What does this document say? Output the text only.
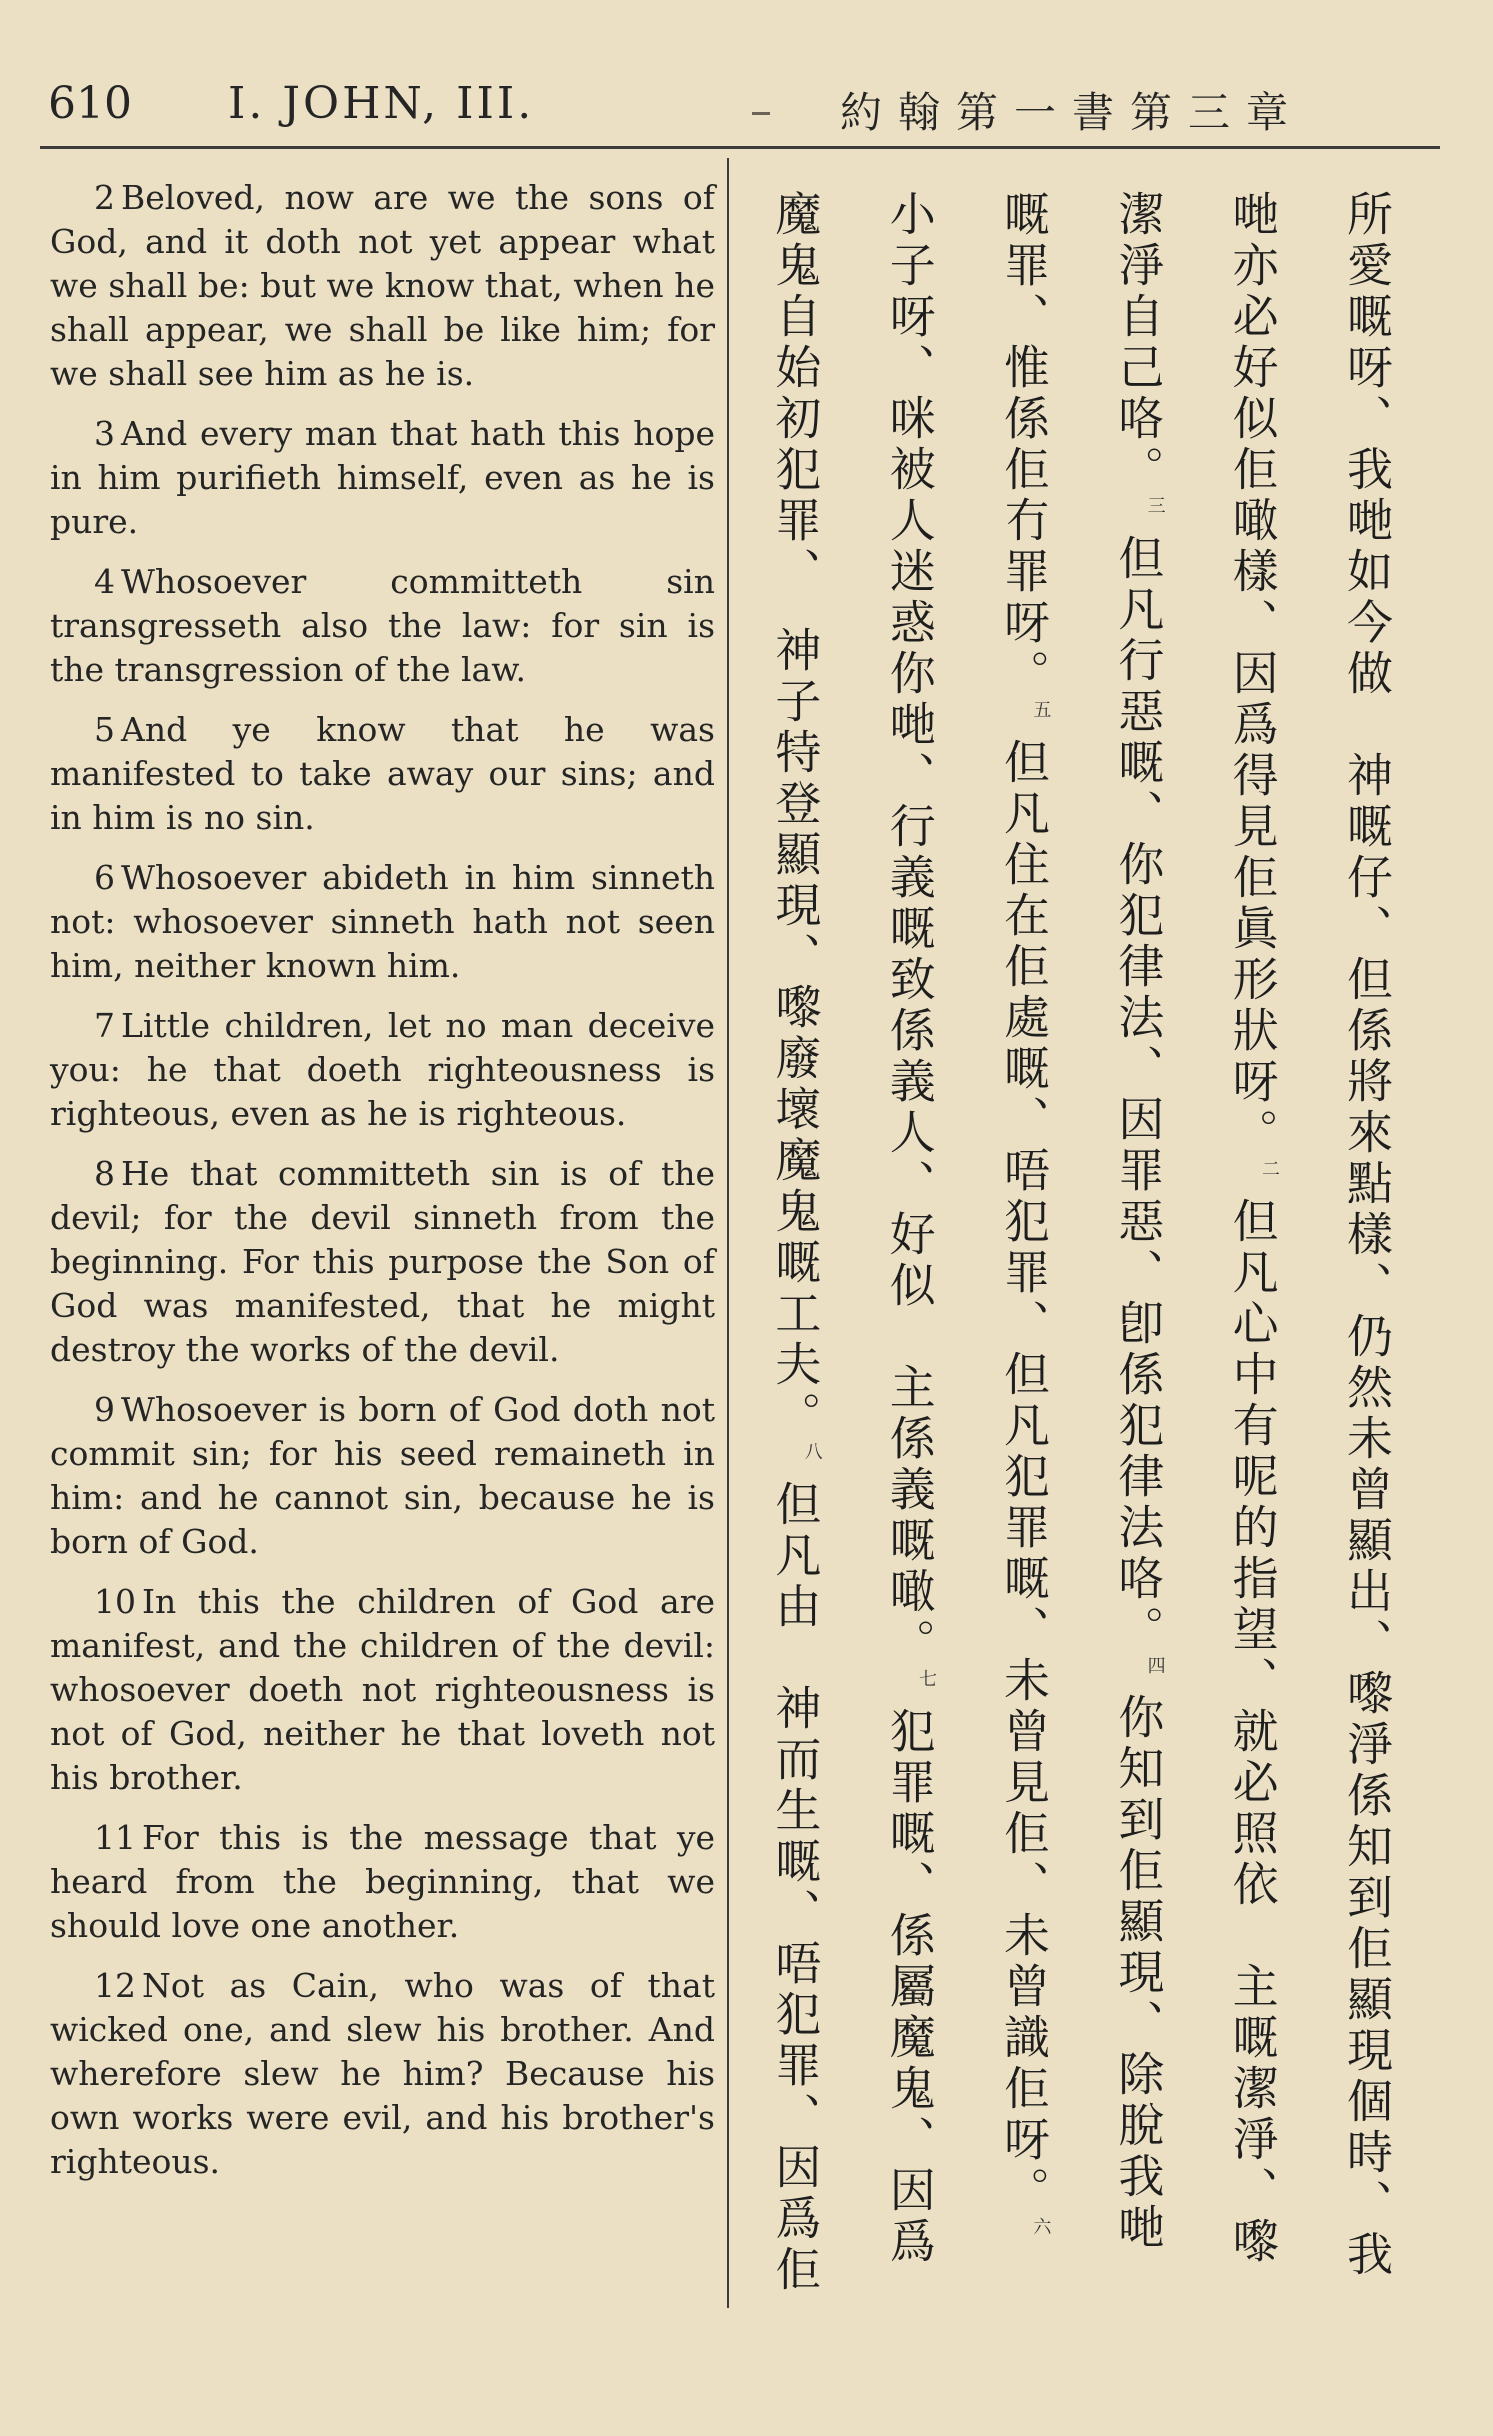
610 I. JOHN, III.	約翰第一書第三章

2 Beloved, now are we the sons of God, and it doth not yet appear what we shall be: but we know that, when he shall appear, we shall be like him; for we shall see him as he is.

3 And every man that hath this hope in him purifieth himself, even as he is pure.

4 Whosoever committeth sin transgresseth also the law: for sin is the transgression of the law.

5 And ye know that he was manifested to take away our sins; and in him is no sin.

6 Whosoever abideth in him sinneth not: whosoever sinneth hath not seen him, neither known him.

7 Little children, let no man deceive you: he that doeth righteousness is righteous, even as he is righteous.

8 He that committeth sin is of the devil; for the devil sinneth from the beginning. For this purpose the Son of God was manifested, that he might destroy the works of the devil.

9 Whosoever is born of God doth not commit sin; for his seed remaineth in him: and he cannot sin, because he is born of God.

10 In this the children of God are manifest, and the children of the devil: whosoever doeth not righteousness is not of God, neither he that loveth not his brother.

11 For this is the message that ye heard from the beginning, that we should love one another.

12 Not as Cain, who was of that wicked one, and slew his brother. And wherefore slew he him? Because his own works were evil, and his brother's righteous.	所愛嘅呀、我哋如今做　神嘅仔、但係將來點樣、仍然未曾顯出、嚟淨係知到佢顯現個時、我哋亦必好似佢噉樣、因爲得見佢眞形狀呀。$^二$ 但凡心中有呢的指望、就必照依　主嘅潔淨、嚟潔淨自己咯。$^三$ 但凡行惡嘅、你犯律法、因罪惡、卽係犯律法咯。$^四$ 你知到佢顯現、除脫我哋嘅罪、惟係佢冇罪呀。$^五$ 但凡住在佢處嘅、唔犯罪、但凡犯罪嘅、未曾見佢、未曾識佢呀。$^六$ 小子呀、咪被人迷惑你哋、行義嘅致係義人、好似　主係義嘅噉。$^七$ 犯罪嘅、係屬魔鬼、因爲魔鬼自始初犯罪、　神子特登顯現、嚟廢壞魔鬼嘅工夫。$^八$ 但凡由　神而生嘅、唔犯罪、因爲佢　
